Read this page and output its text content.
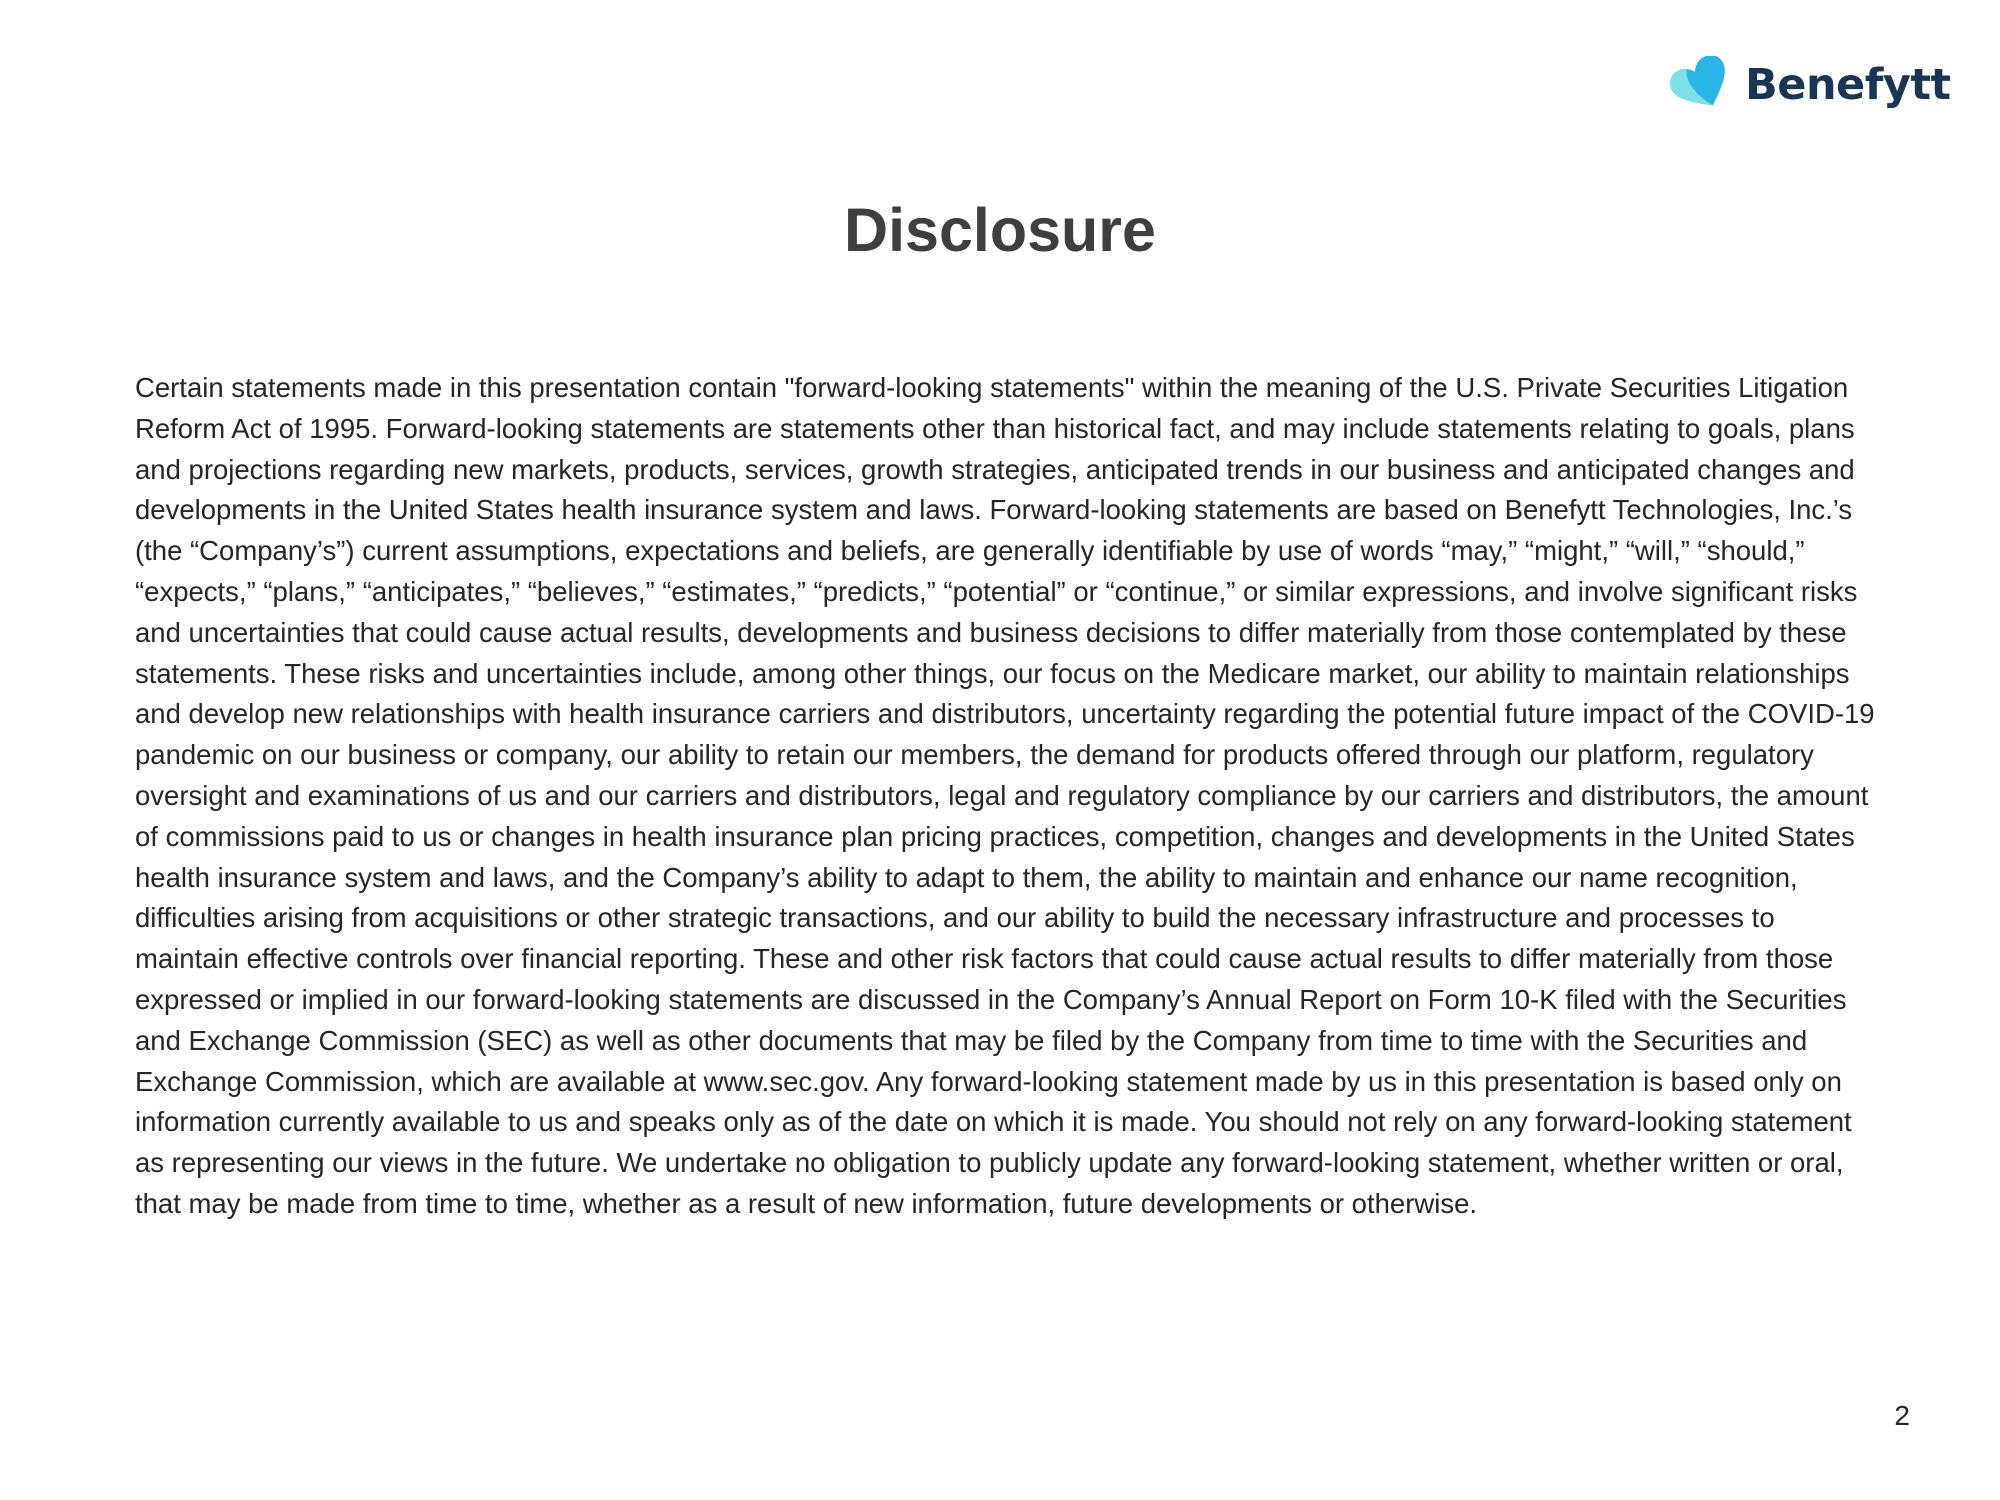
Benefytt
Disclosure

Certain statements made in this presentation contain "forward-looking statements" within the meaning of the U.S. Private Securities Litigation Reform Act of 1995. Forward-looking statements are statements other than historical fact, and may include statements relating to goals, plans and projections regarding new markets, products, services, growth strategies, anticipated trends in our business and anticipated changes and developments in the United States health insurance system and laws. Forward-looking statements are based on Benefytt Technologies, Inc.’s (the “Company’s”) current assumptions, expectations and beliefs, are generally identifiable by use of words “may,” “might,” “will,” “should,” “expects,” “plans,” “anticipates,” “believes,” “estimates,” “predicts,” “potential” or “continue,” or similar expressions, and involve significant risks and uncertainties that could cause actual results, developments and business decisions to differ materially from those contemplated by these statements. These risks and uncertainties include, among other things, our focus on the Medicare market, our ability to maintain relationships and develop new relationships with health insurance carriers and distributors, uncertainty regarding the potential future impact of the COVID-19 pandemic on our business or company, our ability to retain our members, the demand for products offered through our platform, regulatory oversight and examinations of us and our carriers and distributors, legal and regulatory compliance by our carriers and distributors, the amount of commissions paid to us or changes in health insurance plan pricing practices, competition, changes and developments in the United States health insurance system and laws, and the Company’s ability to adapt to them, the ability to maintain and enhance our name recognition, difficulties arising from acquisitions or other strategic transactions, and our ability to build the necessary infrastructure and processes to maintain effective controls over financial reporting. These and other risk factors that could cause actual results to differ materially from those expressed or implied in our forward-looking statements are discussed in the Company’s Annual Report on Form 10-K filed with the Securities and Exchange Commission (SEC) as well as other documents that may be filed by the Company from time to time with the Securities and Exchange Commission, which are available at www.sec.gov. Any forward-looking statement made by us in this presentation is based only on information currently available to us and speaks only as of the date on which it is made. You should not rely on any forward-looking statement as representing our views in the future. We undertake no obligation to publicly update any forward-looking statement, whether written or oral, that may be made from time to time, whether as a result of new information, future developments or otherwise.

2
